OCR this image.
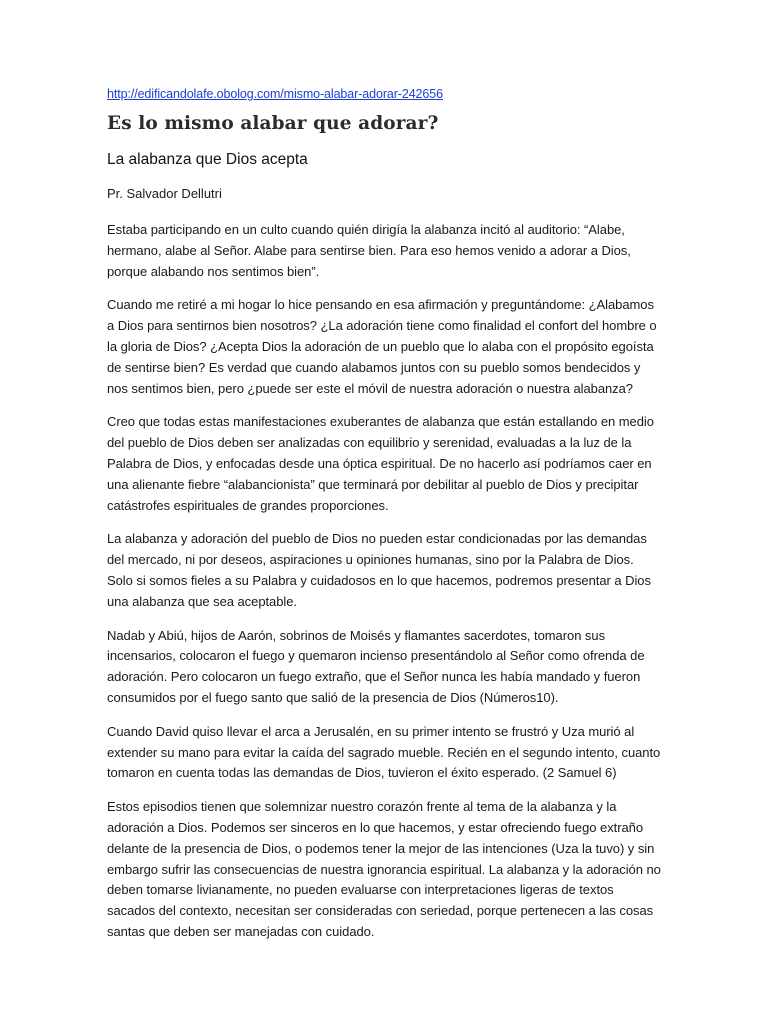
http://edificandolafe.obolog.com/mismo-alabar-adorar-242656
Es lo mismo alabar que adorar?
La alabanza que Dios acepta

Pr. Salvador Dellutri

Estaba participando en un culto cuando quién dirigía la alabanza incitó al auditorio: “Alabe, hermano, alabe al Señor. Alabe para sentirse bien. Para eso hemos venido a adorar a Dios, porque alabando nos sentimos bien”.

Cuando me retiré a mi hogar lo hice pensando en esa afirmación y preguntándome: ¿Alabamos a Dios para sentirnos bien nosotros? ¿La adoración tiene como finalidad el confort del hombre o la gloria de Dios? ¿Acepta Dios la adoración de un pueblo que lo alaba con el propósito egoísta de sentirse bien? Es verdad que cuando alabamos juntos con su pueblo somos bendecidos y nos sentimos bien, pero ¿puede ser este el móvil de nuestra adoración o nuestra alabanza?

Creo que todas estas manifestaciones exuberantes de alabanza que están estallando en medio del pueblo de Dios deben ser analizadas con equilibrio y serenidad, evaluadas a la luz de la Palabra de Dios, y enfocadas desde una óptica espiritual. De no hacerlo así podríamos caer en una alienante fiebre “alabancionista” que terminará por debilitar al pueblo de Dios y precipitar catástrofes espirituales de grandes proporciones.

La alabanza y adoración del pueblo de Dios no pueden estar condicionadas por las demandas del mercado, ni por deseos, aspiraciones u opiniones humanas, sino por la Palabra de Dios. Solo si somos fieles a su Palabra y cuidadosos en lo que hacemos, podremos presentar a Dios una alabanza que sea aceptable.

Nadab y Abiú, hijos de Aarón, sobrinos de Moisés y flamantes sacerdotes, tomaron sus incensarios, colocaron el fuego y quemaron incienso presentándolo al Señor como ofrenda de adoración. Pero colocaron un fuego extraño, que el Señor nunca les había mandado y fueron consumidos por el fuego santo que salió de la presencia de Dios (Números10).

Cuando David quiso llevar el arca a Jerusalén, en su primer intento se frustró y Uza murió al extender su mano para evitar la caída del sagrado mueble. Recién en el segundo intento, cuanto tomaron en cuenta todas las demandas de Dios, tuvieron el éxito esperado. (2 Samuel 6)

Estos episodios tienen que solemnizar nuestro corazón frente al tema de la alabanza y la adoración a Dios. Podemos ser sinceros en lo que hacemos, y estar ofreciendo fuego extraño delante de la presencia de Dios, o podemos tener la mejor de las intenciones (Uza la tuvo) y sin embargo sufrir las consecuencias de nuestra ignorancia espiritual. La alabanza y la adoración no deben tomarse livianamente, no pueden evaluarse con interpretaciones ligeras de textos sacados del contexto, necesitan ser consideradas con seriedad, porque pertenecen a las cosas santas que deben ser manejadas con cuidado.
